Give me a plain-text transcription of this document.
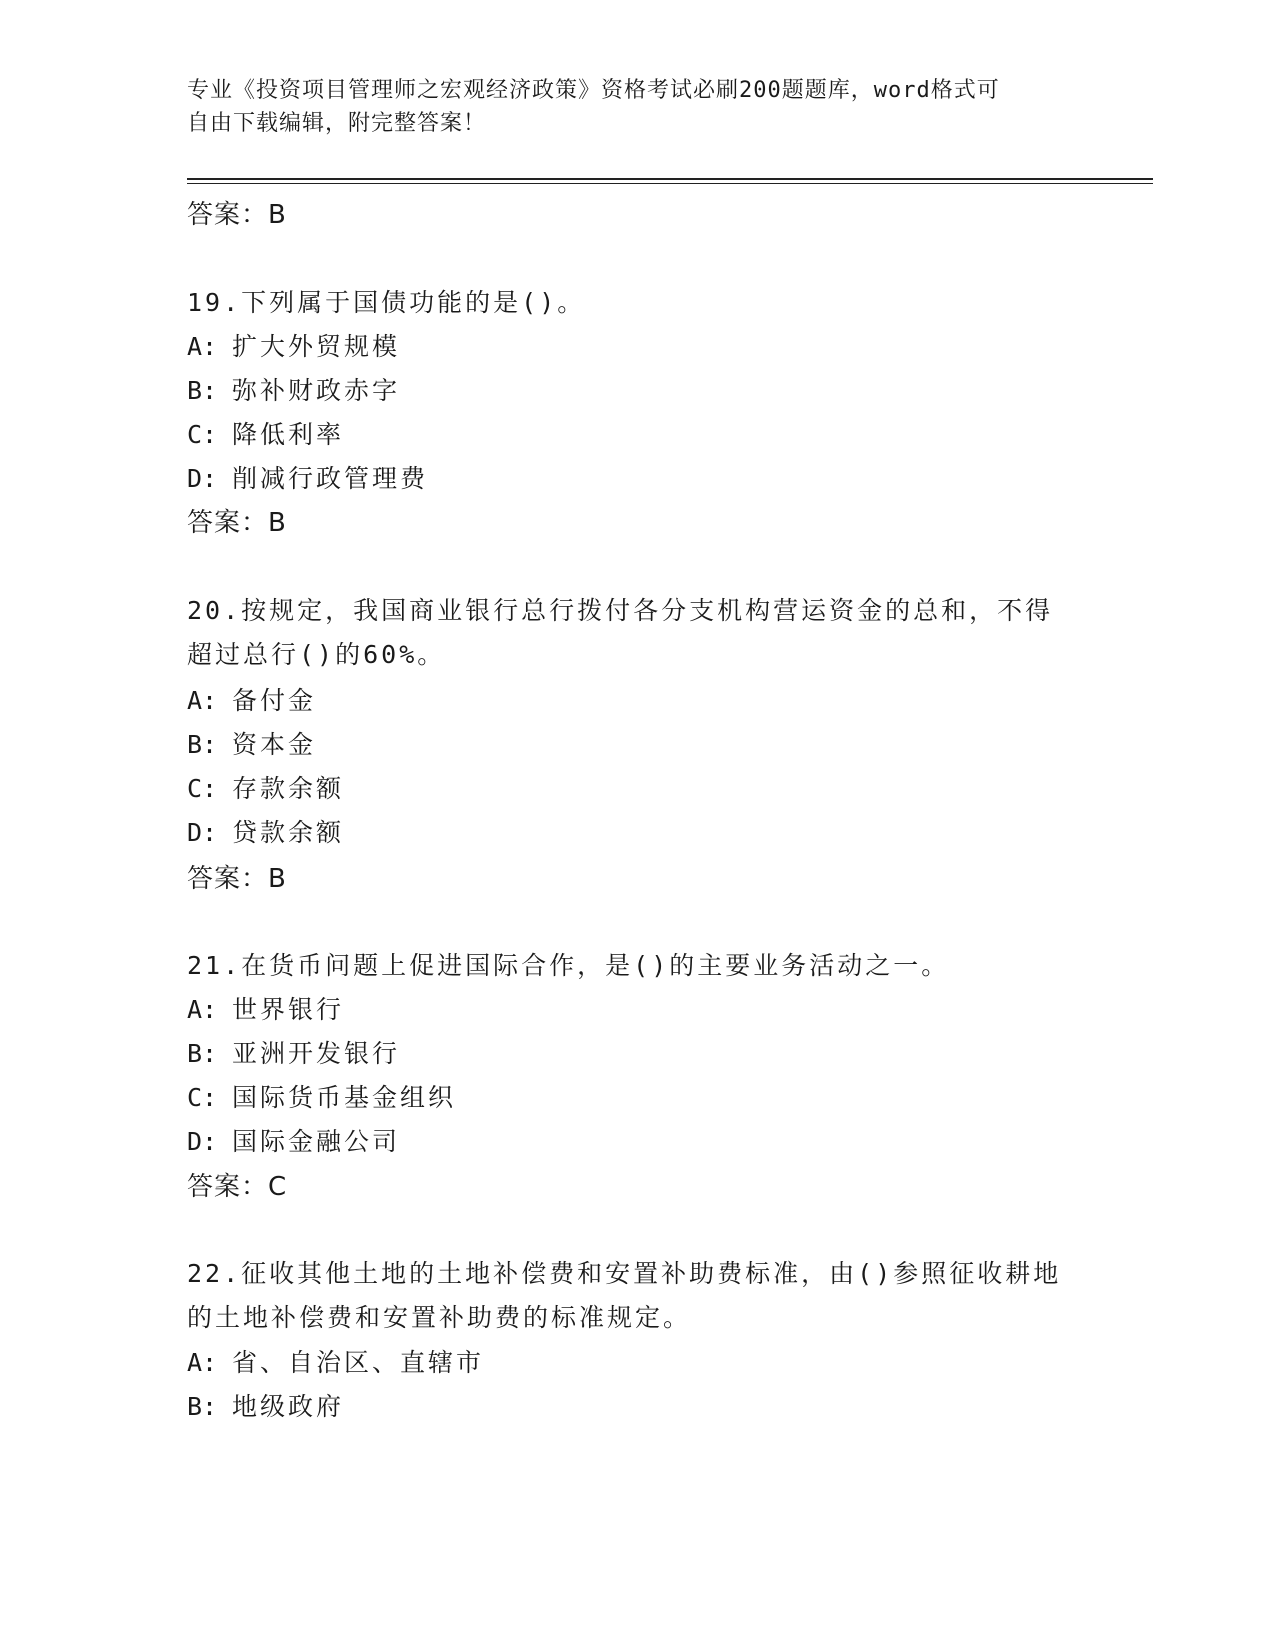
专业《投资项目管理师之宏观经济政策》资格考试必刷200题题库，word格式可
自由下载编辑，附完整答案！
答案：B
19.下列属于国债功能的是()。
A: 扩大外贸规模
B: 弥补财政赤字
C: 降低利率
D: 削减行政管理费
答案：B
20.按规定，我国商业银行总行拨付各分支机构营运资金的总和，不得
超过总行()的60%。
A: 备付金
B: 资本金
C: 存款余额
D: 贷款余额
答案：B
21.在货币问题上促进国际合作，是()的主要业务活动之一。
A: 世界银行
B: 亚洲开发银行
C: 国际货币基金组织
D: 国际金融公司
答案：C
22.征收其他土地的土地补偿费和安置补助费标准，由()参照征收耕地
的土地补偿费和安置补助费的标准规定。
A: 省、自治区、直辖市
B: 地级政府
